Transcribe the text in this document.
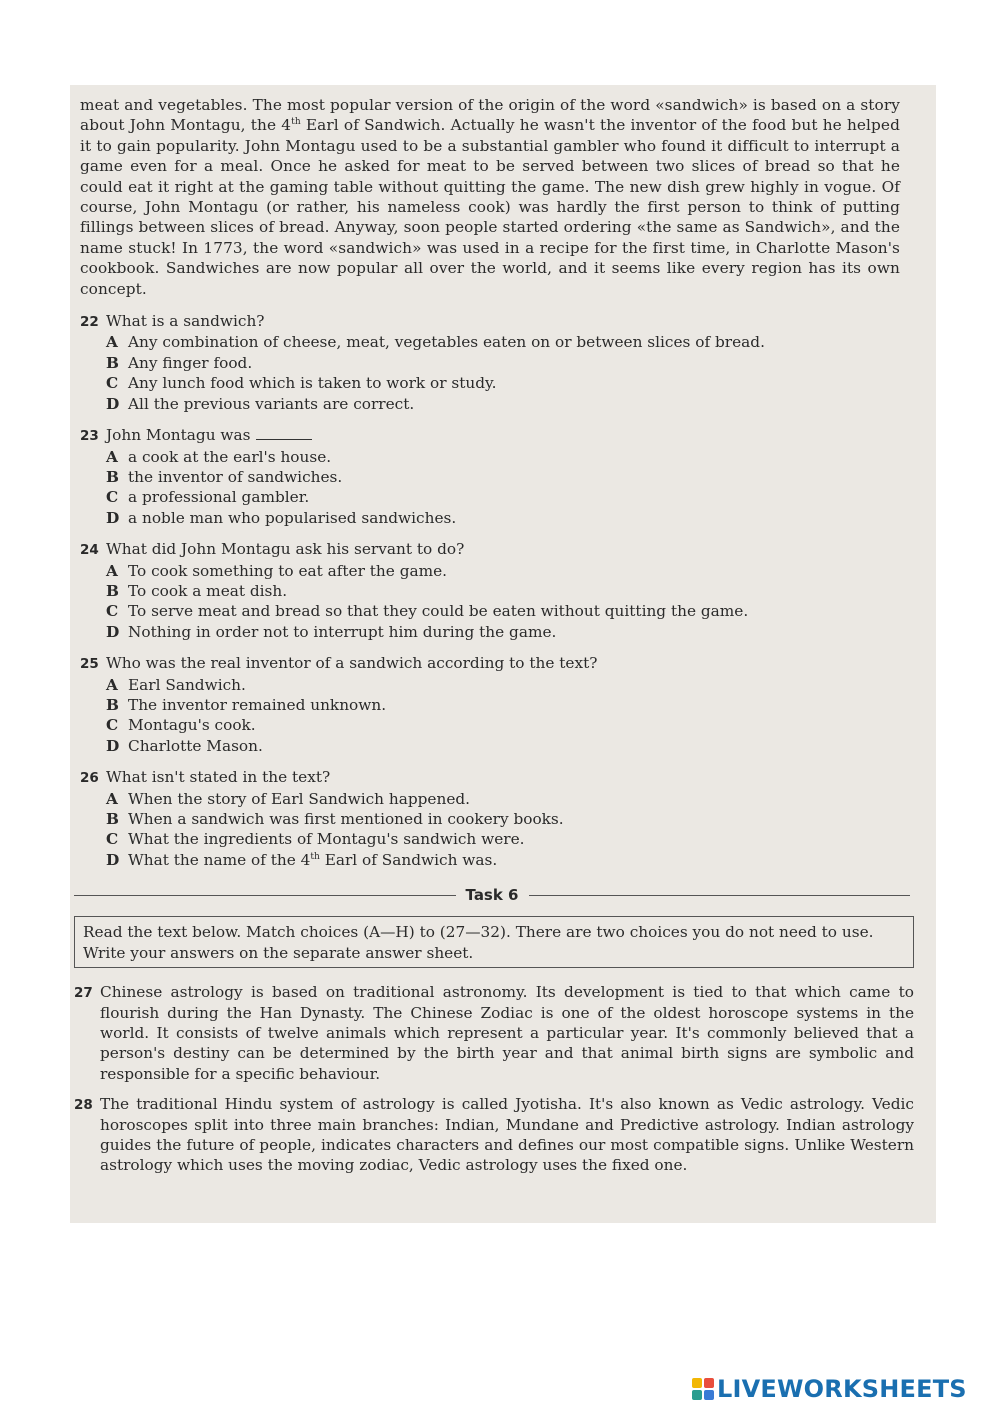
meat and vegetables. The most popular version of the origin of the word «sandwich» is based on a story about John Montagu, the 4th Earl of Sandwich. Actually he wasn't the inventor of the food but he helped it to gain popularity. John Montagu used to be a substantial gambler who found it difficult to interrupt a game even for a meal. Once he asked for meat to be served between two slices of bread so that he could eat it right at the gaming table without quitting the game. The new dish grew highly in vogue. Of course, John Montagu (or rather, his nameless cook) was hardly the first person to think of putting fillings between slices of bread. Anyway, soon people started ordering «the same as Sandwich», and the name stuck! In 1773, the word «sandwich» was used in a recipe for the first time, in Charlotte Mason's cookbook. Sandwiches are now popular all over the world, and it seems like every region has its own concept.

22 What is a sandwich?
A Any combination of cheese, meat, vegetables eaten on or between slices of bread.
B Any finger food.
C Any lunch food which is taken to work or study.
D All the previous variants are correct.
23 John Montagu was
A a cook at the earl's house.
B the inventor of sandwiches.
C a professional gambler.
D a noble man who popularised sandwiches.
24 What did John Montagu ask his servant to do?
A To cook something to eat after the game.
B To cook a meat dish.
C To serve meat and bread so that they could be eaten without quitting the game.
D Nothing in order not to interrupt him during the game.
25 Who was the real inventor of a sandwich according to the text?
A Earl Sandwich.
B The inventor remained unknown.
C Montagu's cook.
D Charlotte Mason.
26 What isn't stated in the text?
A When the story of Earl Sandwich happened.
B When a sandwich was first mentioned in cookery books.
C What the ingredients of Montagu's sandwich were.
D What the name of the 4th Earl of Sandwich was.
Task 6
Read the text below. Match choices (A—H) to (27—32). There are two choices you do not need to use. Write your answers on the separate answer sheet.
27 Chinese astrology is based on traditional astronomy. Its development is tied to that which came to flourish during the Han Dynasty. The Chinese Zodiac is one of the oldest horoscope systems in the world. It consists of twelve animals which represent a particular year. It's commonly believed that a person's destiny can be determined by the birth year and that animal birth signs are symbolic and responsible for a specific behaviour.
28 The traditional Hindu system of astrology is called Jyotisha. It's also known as Vedic astrology. Vedic horoscopes split into three main branches: Indian, Mundane and Predictive astrology. Indian astrology guides the future of people, indicates characters and defines our most compatible signs. Unlike Western astrology which uses the moving zodiac, Vedic astrology uses the fixed one.
LIVEWORKSHEETS
